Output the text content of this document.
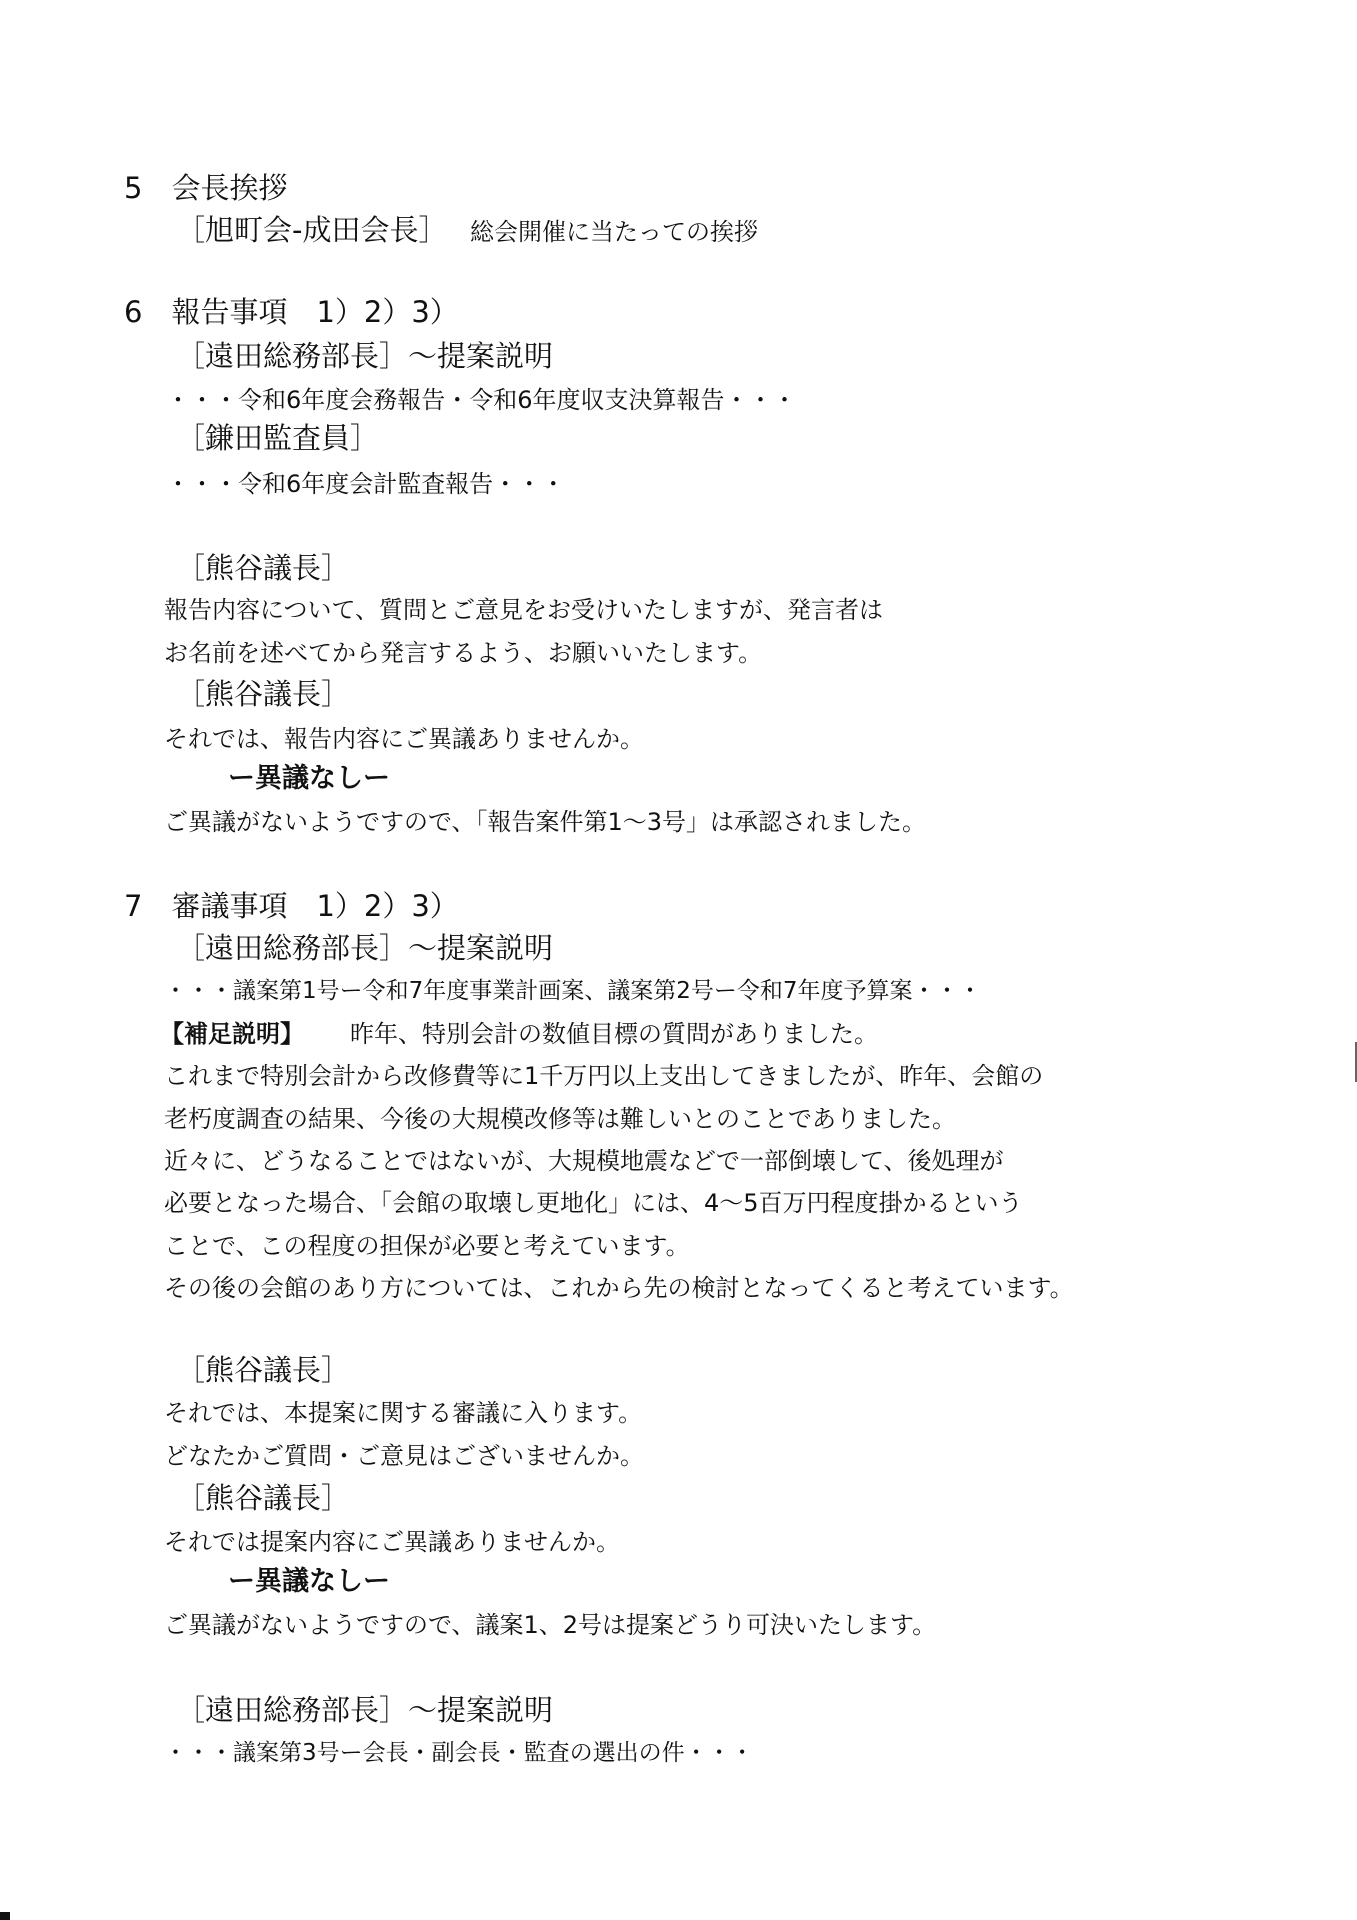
5　会長挨拶
［旭町会-成田会長］ 総会開催に当たっての挨拶
6　報告事項　1）2）3）
［遠田総務部長］～提案説明
・・・令和6年度会務報告・令和6年度収支決算報告・・・
［鎌田監査員］
・・・令和6年度会計監査報告・・・
［熊谷議長］
報告内容について、質問とご意見をお受けいたしますが、発言者は
お名前を述べてから発言するよう、お願いいたします。
［熊谷議長］
それでは、報告内容にご異議ありませんか。
ー異議なしー
ご異議がないようですので、「報告案件第1～3号」は承認されました。
7　審議事項　1）2）3）
［遠田総務部長］～提案説明
・・・議案第1号ー令和7年度事業計画案、議案第2号ー令和7年度予算案・・・
【補足説明】 昨年、特別会計の数値目標の質問がありました。
これまで特別会計から改修費等に1千万円以上支出してきましたが、昨年、会館の
老朽度調査の結果、今後の大規模改修等は難しいとのことでありました。
近々に、どうなることではないが、大規模地震などで一部倒壊して、後処理が
必要となった場合、「会館の取壊し更地化」には、4～5百万円程度掛かるという
ことで、この程度の担保が必要と考えています。
その後の会館のあり方については、これから先の検討となってくると考えています。
［熊谷議長］
それでは、本提案に関する審議に入ります。
どなたかご質問・ご意見はございませんか。
［熊谷議長］
それでは提案内容にご異議ありませんか。
ー異議なしー
ご異議がないようですので、議案1、2号は提案どうり可決いたします。
［遠田総務部長］～提案説明
・・・議案第3号ー会長・副会長・監査の選出の件・・・
